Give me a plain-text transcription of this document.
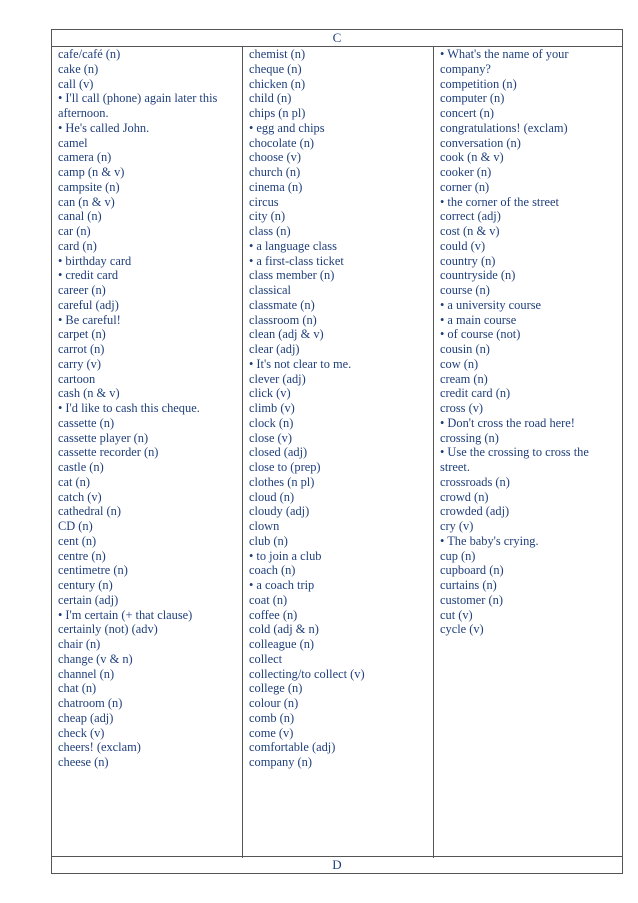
C
cafe/café (n)
cake (n)
call (v)
• I'll call (phone) again later this afternoon.
• He's called John.
camel
camera (n)
camp (n & v)
campsite (n)
can (n & v)
canal (n)
car (n)
card (n)
• birthday card
• credit card
career (n)
careful (adj)
• Be careful!
carpet (n)
carrot (n)
carry (v)
cartoon
cash (n & v)
• I'd like to cash this cheque.
cassette (n)
cassette player (n)
cassette recorder (n)
castle (n)
cat (n)
catch (v)
cathedral (n)
CD (n)
cent (n)
centre (n)
centimetre (n)
century (n)
certain (adj)
• I'm certain (+ that clause)
certainly (not) (adv)
chair (n)
change (v & n)
channel (n)
chat (n)
chatroom (n)
cheap (adj)
check (v)
cheers! (exclam)
cheese (n)
chemist (n)
cheque (n)
chicken (n)
child (n)
chips (n pl)
• egg and chips
chocolate (n)
choose (v)
church (n)
cinema (n)
circus
city (n)
class (n)
• a language class
• a first-class ticket
class member (n)
classical
classmate (n)
classroom (n)
clean (adj & v)
clear (adj)
• It's not clear to me.
clever (adj)
click (v)
climb (v)
clock (n)
close (v)
closed (adj)
close to (prep)
clothes (n pl)
cloud (n)
cloudy (adj)
clown
club (n)
• to join a club
coach (n)
• a coach trip
coat (n)
coffee (n)
cold (adj & n)
colleague (n)
collect
collecting/to collect (v)
college (n)
colour (n)
comb (n)
come (v)
comfortable (adj)
company (n)
• What's the name of your company?
competition (n)
computer (n)
concert (n)
congratulations! (exclam)
conversation (n)
cook (n & v)
cooker (n)
corner (n)
• the corner of the street
correct (adj)
cost (n & v)
could (v)
country (n)
countryside (n)
course (n)
• a university course
• a main course
• of course (not)
cousin (n)
cow (n)
cream (n)
credit card (n)
cross (v)
• Don't cross the road here!
crossing (n)
• Use the crossing to cross the street.
crossroads (n)
crowd (n)
crowded (adj)
cry (v)
• The baby's crying.
cup (n)
cupboard (n)
curtains (n)
customer (n)
cut (v)
cycle (v)
D
